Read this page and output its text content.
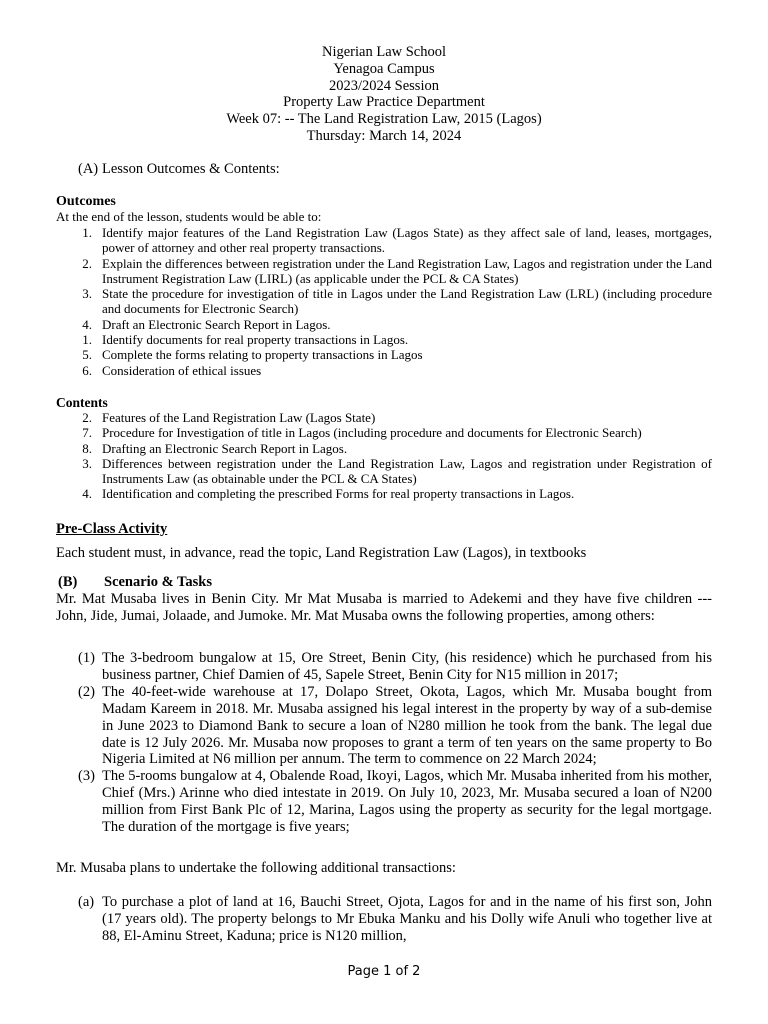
Nigerian Law School
Yenagoa Campus
2023/2024 Session
Property Law Practice Department
Week 07: -- The Land Registration Law, 2015 (Lagos)
Thursday: March 14, 2024
(A) Lesson Outcomes & Contents:
Outcomes
At the end of the lesson, students would be able to:
1. Identify major features of the Land Registration Law (Lagos State) as they affect sale of land, leases, mortgages, power of attorney and other real property transactions.
2. Explain the differences between registration under the Land Registration Law, Lagos and registration under the Land Instrument Registration Law (LIRL) (as applicable under the PCL & CA States)
3. State the procedure for investigation of title in Lagos under the Land Registration Law (LRL) (including procedure and documents for Electronic Search)
4. Draft an Electronic Search Report in Lagos.
1. Identify documents for real property transactions in Lagos.
5. Complete the forms relating to property transactions in Lagos
6. Consideration of ethical issues
Contents
2. Features of the Land Registration Law (Lagos State)
7. Procedure for Investigation of title in Lagos (including procedure and documents for Electronic Search)
8. Drafting an Electronic Search Report in Lagos.
3. Differences between registration under the Land Registration Law, Lagos and registration under Registration of Instruments Law (as obtainable under the PCL & CA States)
4. Identification and completing the prescribed Forms for real property transactions in Lagos.
Pre-Class Activity
Each student must, in advance, read the topic, Land Registration Law (Lagos), in textbooks
(B) Scenario & Tasks
Mr. Mat Musaba lives in Benin City. Mr Mat Musaba is married to Adekemi and they have five children --- John, Jide, Jumai, Jolaade, and Jumoke. Mr. Mat Musaba owns the following properties, among others:
(1) The 3-bedroom bungalow at 15, Ore Street, Benin City, (his residence) which he purchased from his business partner, Chief Damien of 45, Sapele Street, Benin City for N15 million in 2017;
(2) The 40-feet-wide warehouse at 17, Dolapo Street, Okota, Lagos, which Mr. Musaba bought from Madam Kareem in 2018. Mr. Musaba assigned his legal interest in the property by way of a sub-demise in June 2023 to Diamond Bank to secure a loan of N280 million he took from the bank. The legal due date is 12 July 2026. Mr. Musaba now proposes to grant a term of ten years on the same property to Bo Nigeria Limited at N6 million per annum. The term to commence on 22 March 2024;
(3) The 5-rooms bungalow at 4, Obalende Road, Ikoyi, Lagos, which Mr. Musaba inherited from his mother, Chief (Mrs.) Arinne who died intestate in 2019. On July 10, 2023, Mr. Musaba secured a loan of N200 million from First Bank Plc of 12, Marina, Lagos using the property as security for the legal mortgage. The duration of the mortgage is five years;
Mr. Musaba plans to undertake the following additional transactions:
(a) To purchase a plot of land at 16, Bauchi Street, Ojota, Lagos for and in the name of his first son, John (17 years old). The property belongs to Mr Ebuka Manku and his Dolly wife Anuli who together live at 88, El-Aminu Street, Kaduna; price is N120 million,
Page 1 of 2
